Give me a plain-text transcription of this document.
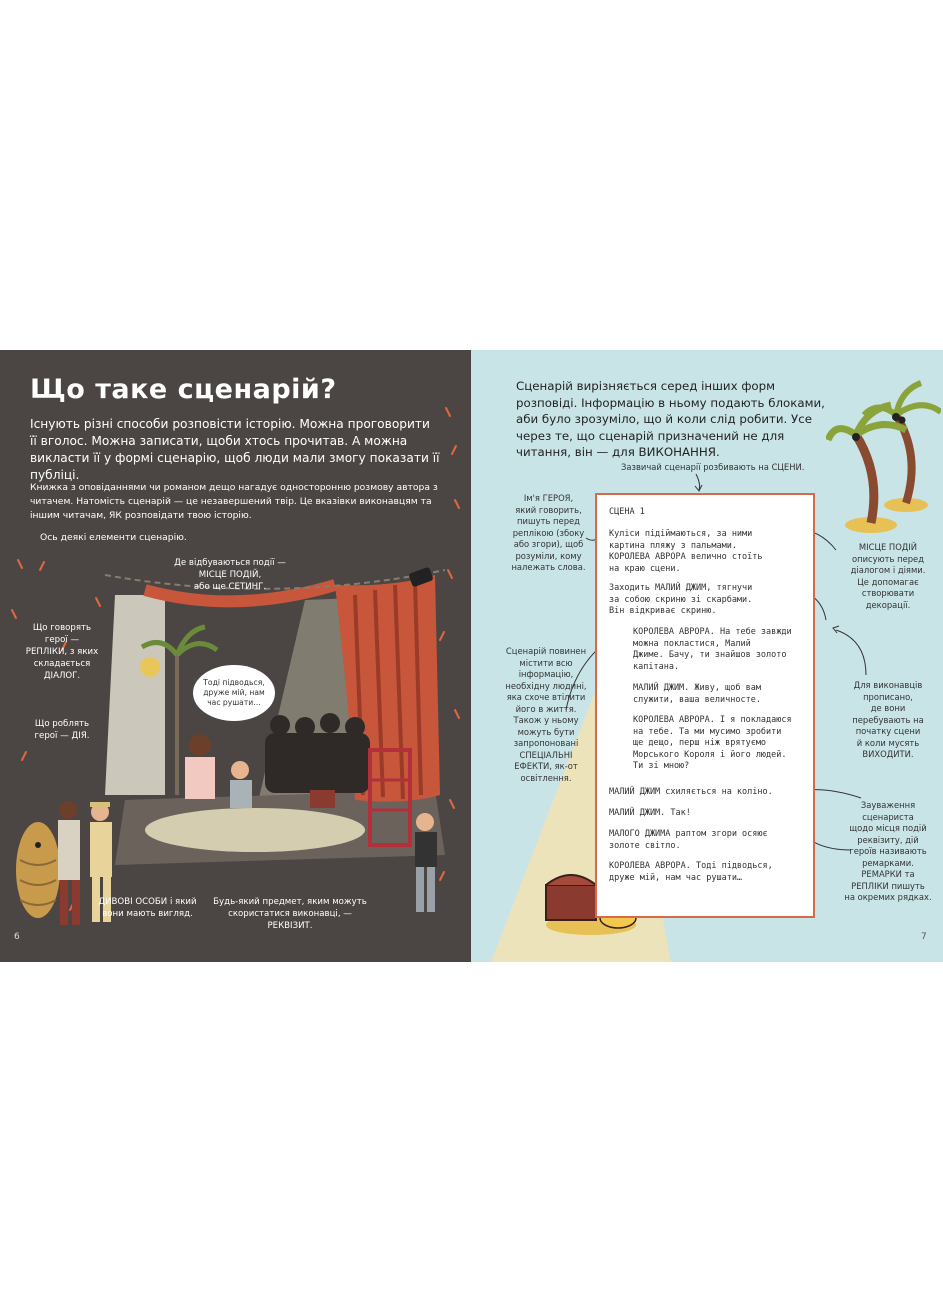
Що таке сценарій?

Існують різні способи розповісти історію. Можна проговорити її вголос. Можна записати, щоби хтось прочитав. А можна викласти її у формі сценарію, щоб люди мали змогу показати її публіці.

Книжка з оповіданнями чи романом дещо нагадує односторонню розмову автора з читачем. Натомість сценарій — це незавершений твір. Це вказівки виконавцям та іншим читачам, ЯК розповідати твою історію.

Ось деякі елементи сценарію.

Тоді підводься, друже мій, нам час рушати…
Де відбуваються події —
МІСЦЕ ПОДІЙ,
або ще СЕТИНГ.
Що говорять
герої —
РЕПЛІКИ, з яких
складається
ДІАЛОГ.
Що роблять
герої — ДІЯ.
ДИВОВІ ОСОБИ і який
вони мають вигляд.
Будь-який предмет, яким можуть
скористатися виконавці, —
РЕКВІЗИТ.
6

Сценарій вирізняється серед інших форм розповіді. Інформацію в ньому подають блоками, аби було зрозуміло, що й коли слід робити. Усе через те, що сценарій призначений не для читання, він — для ВИКОНАННЯ.

Зазвичай сценарії розбивають на СЦЕНИ.
Ім'я ГЕРОЯ,
який говорить,
пишуть перед
реплікою (збоку
або згори), щоб
розуміли, кому
належать слова.
Сценарій повинен
містити всю
інформацію,
необхідну людині,
яка схоче втілити
його в життя.
Також у ньому
можуть бути
запропоновані
СПЕЦІАЛЬНІ
ЕФЕКТИ, як-от
освітлення.
МІСЦЕ ПОДІЙ
описують перед
діалогом і діями.
Це допомагає
створювати
декорації.
Для виконавців
прописано,
де вони
перебувають на
початку сцени
й коли мусять
ВИХОДИТИ.
Зауваження
сценариста
щодо місця подій
реквізиту, дій
героїв називають
ремарками.
РЕМАРКИ та
РЕПЛІКИ пишуть
на окремих рядках.
СЦЕНА 1
Куліси підіймаються, за ними
картина пляжу з пальмами.
КОРОЛЕВА АВРОРА велично стоїть
на краю сцени.
Заходить МАЛИЙ ДЖИМ, тягнучи
за собою скриню зі скарбами.
Він відкриває скриню.
КОРОЛЕВА АВРОРА. На тебе завжди
можна покластися, Малий
Джиме. Бачу, ти знайшов золото
капітана.
МАЛИЙ ДЖИМ. Живу, щоб вам
служити, ваша величносте.
КОРОЛЕВА АВРОРА. І я покладаюся
на тебе. Та ми мусимо зробити
ще дещо, перш ніж врятуємо
Морського Короля і його людей.
Ти зі мною?
МАЛИЙ ДЖИМ схиляється на коліно.
МАЛИЙ ДЖИМ. Так!
МАЛОГО ДЖИМА раптом згори осяює
золоте світло.
КОРОЛЕВА АВРОРА. Тоді підводься,
друже мій, нам час рушати…
7
